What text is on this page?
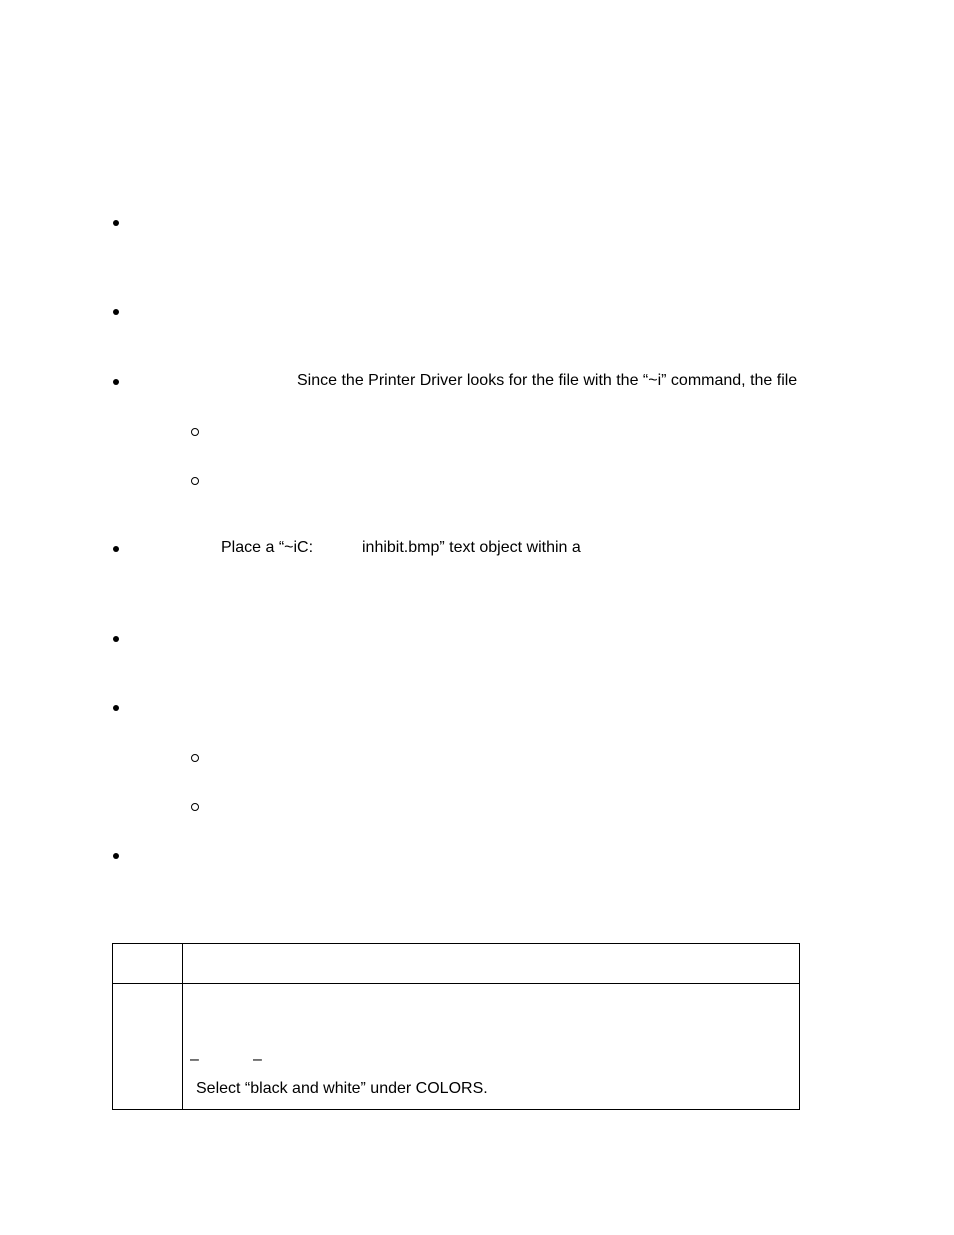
Since the Printer Driver looks for the file with the “~i” command, the file
Place a “~iC:	inhibit.bmp” text object within a
–	–
Select “black and white” under COLORS.
